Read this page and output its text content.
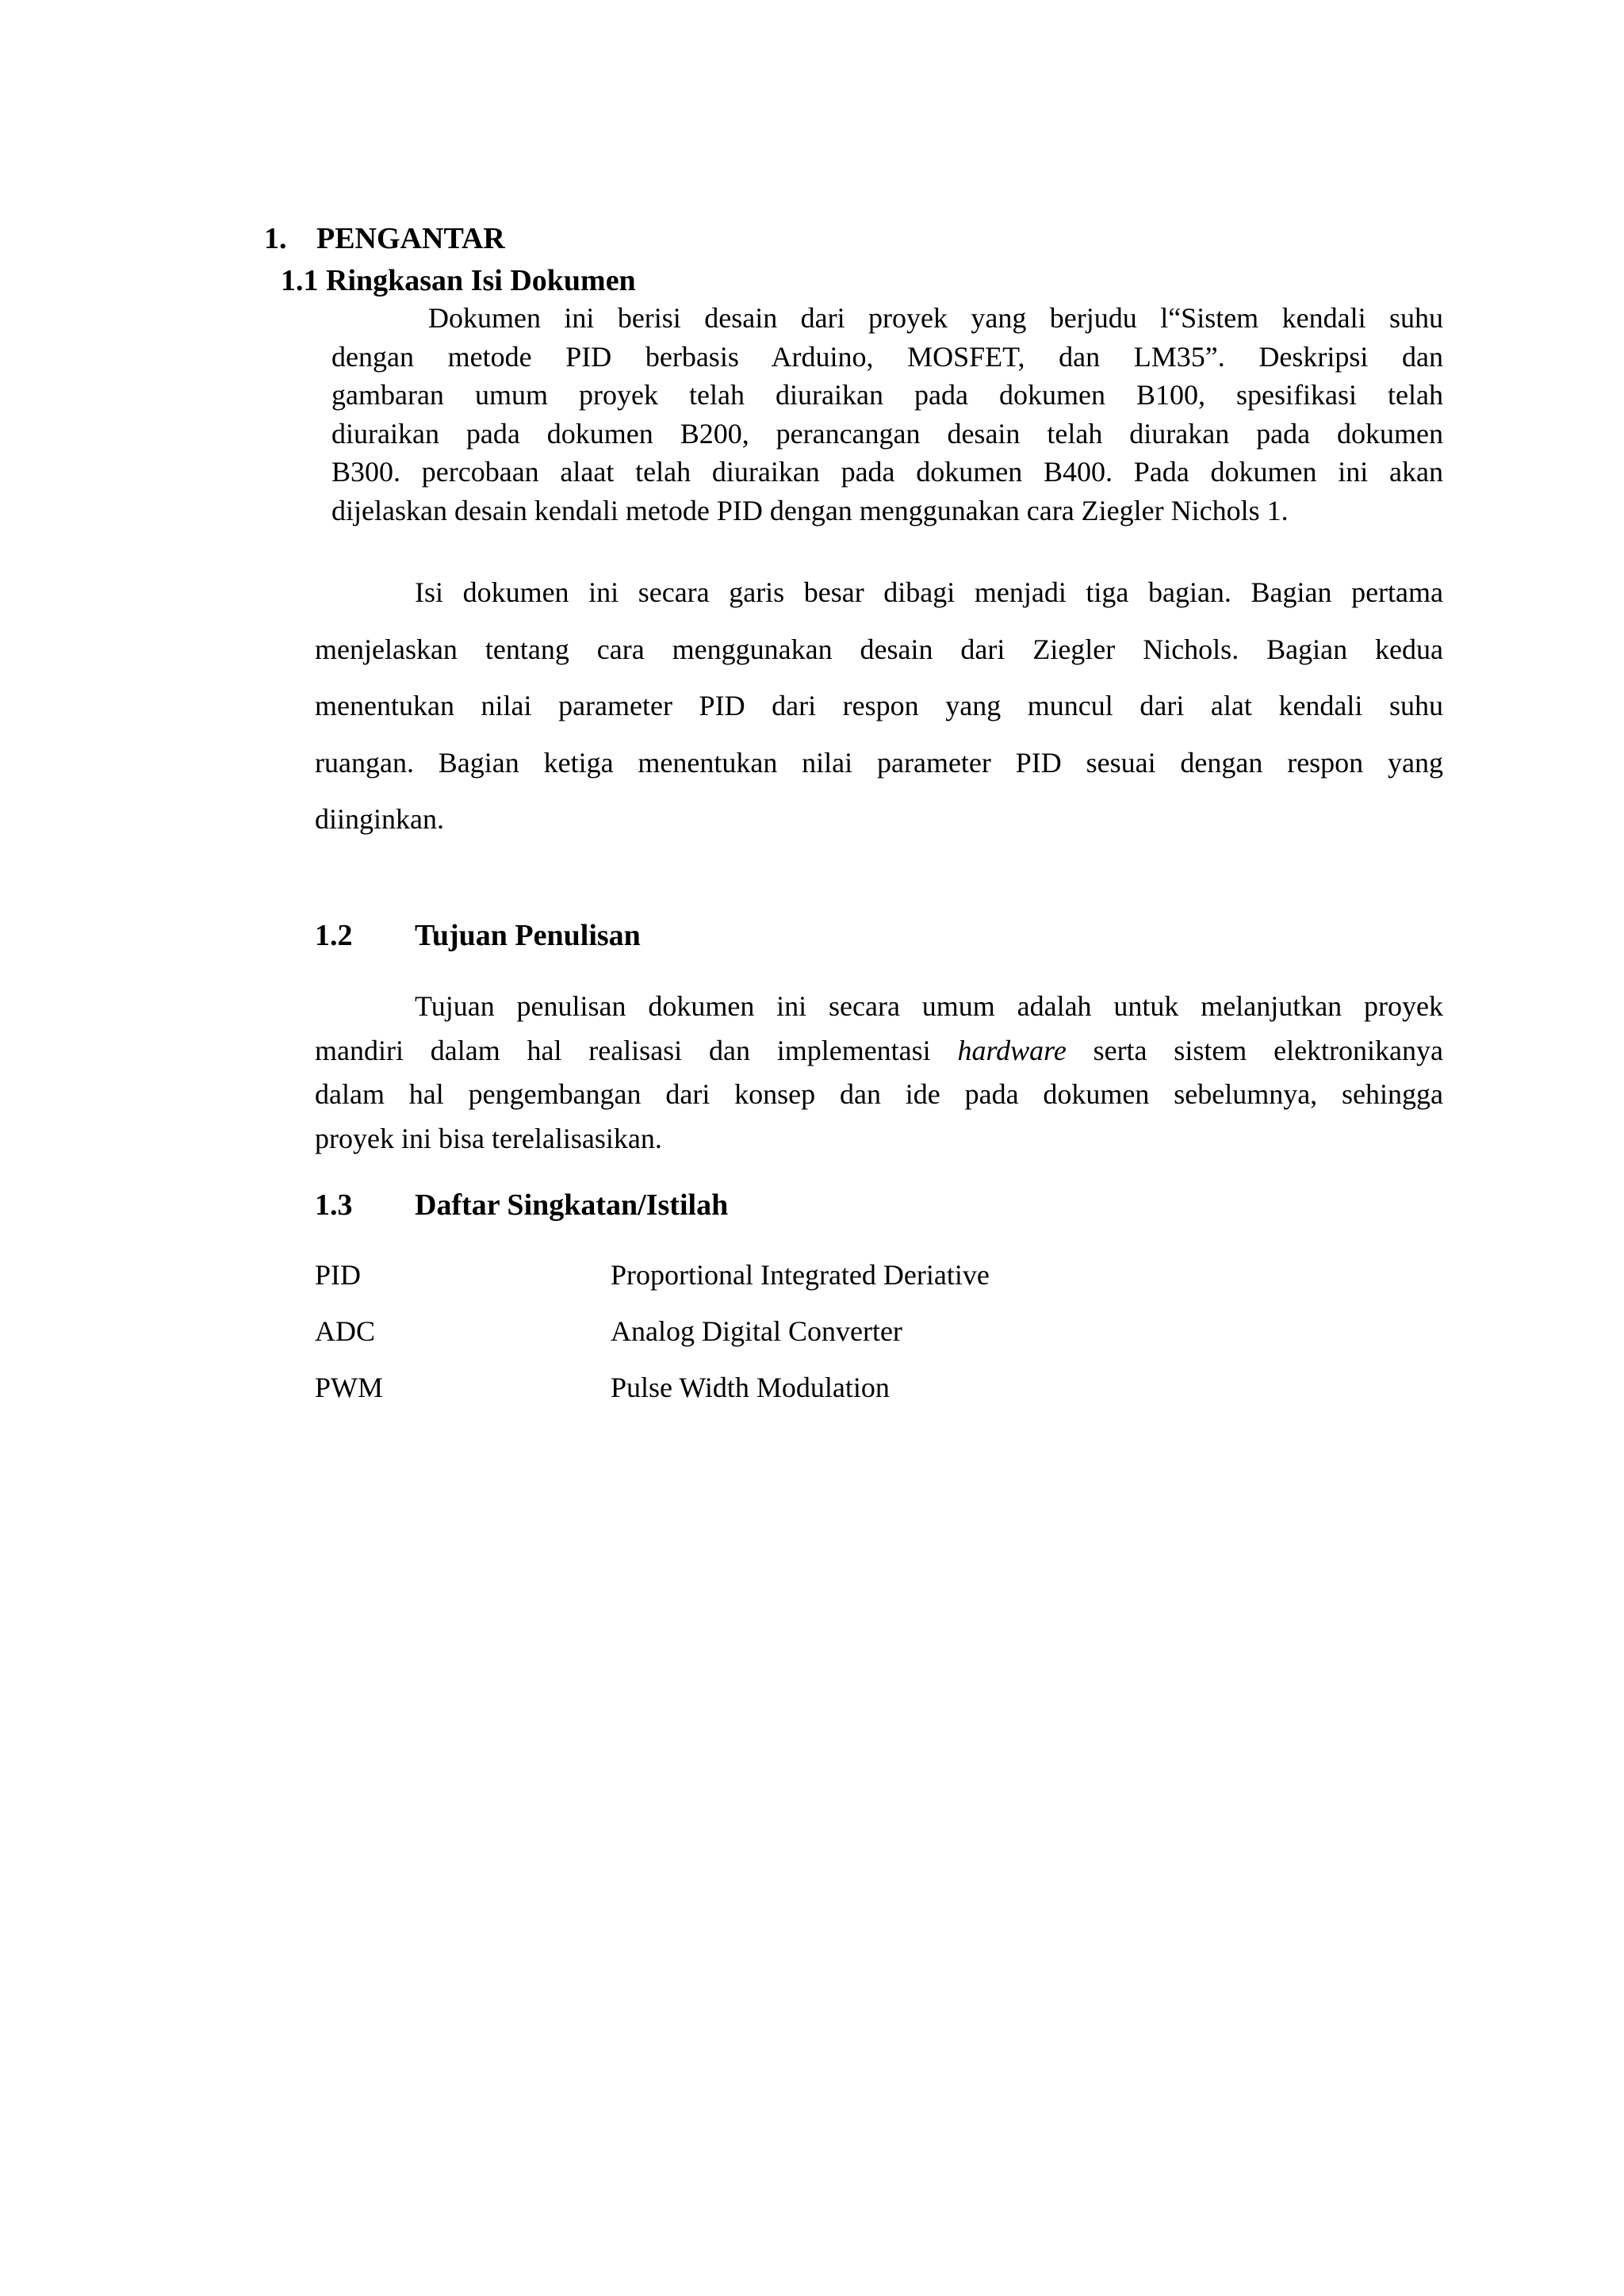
1. PENGANTAR
1.1 Ringkasan Isi Dokumen
Dokumen ini berisi desain dari proyek yang berjudu l“Sistem kendali suhu
dengan metode PID berbasis Arduino, MOSFET, dan LM35”. Deskripsi dan
gambaran umum proyek telah diuraikan pada dokumen B100, spesifikasi telah
diuraikan pada dokumen B200, perancangan desain telah diurakan pada dokumen
B300. percobaan alaat telah diuraikan pada dokumen B400. Pada dokumen ini akan
dijelaskan desain kendali metode PID dengan menggunakan cara Ziegler Nichols 1.
Isi dokumen ini secara garis besar dibagi menjadi tiga bagian. Bagian pertama
menjelaskan tentang cara menggunakan desain dari Ziegler Nichols. Bagian kedua
menentukan nilai parameter PID dari respon yang muncul dari alat kendali suhu
ruangan. Bagian ketiga menentukan nilai parameter PID sesuai dengan respon yang
diinginkan.
1.2 Tujuan Penulisan
Tujuan penulisan dokumen ini secara umum adalah untuk melanjutkan proyek
mandiri dalam hal realisasi dan implementasi hardware serta sistem elektronikanya
dalam hal pengembangan dari konsep dan ide pada dokumen sebelumnya, sehingga
proyek ini bisa terelalisasikan.
1.3 Daftar Singkatan/Istilah
PID	Proportional Integrated Deriative
ADC	Analog Digital Converter
PWM	Pulse Width Modulation
